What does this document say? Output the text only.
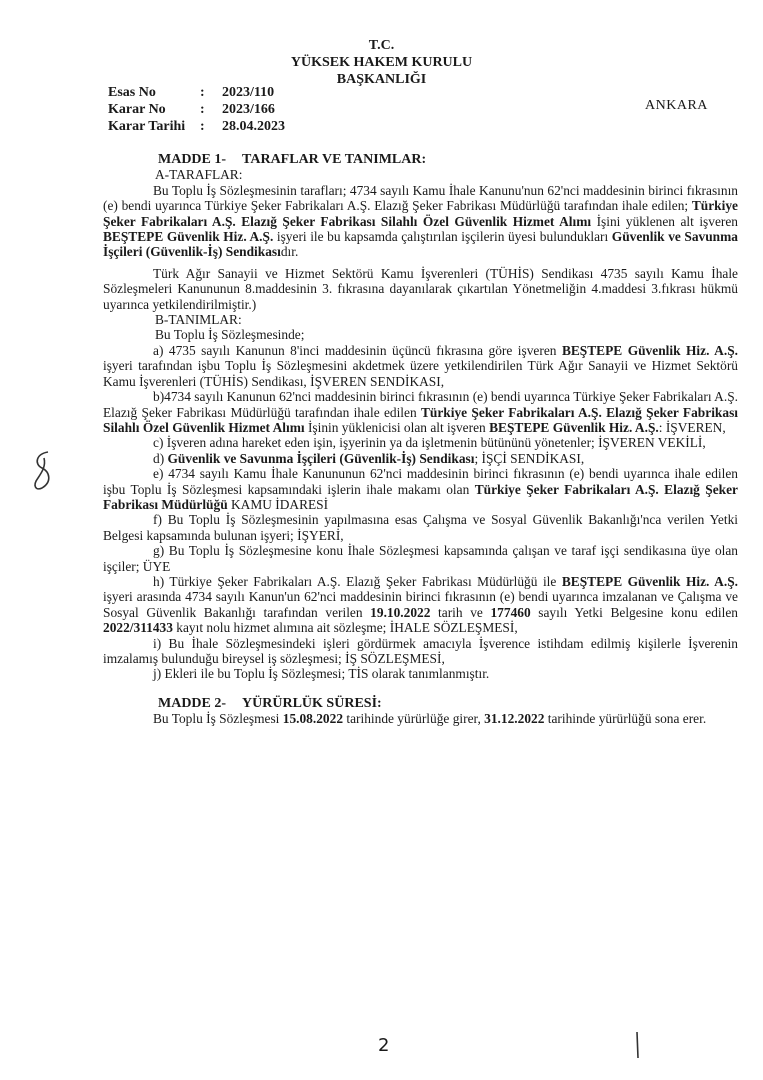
T.C.
YÜKSEK HAKEM KURULU
BAŞKANLIĞI
Esas No	:	2023/110
Karar No	:	2023/166
Karar Tarihi	:	28.04.2023
ANKARA
MADDE 1- TARAFLAR VE TANIMLAR:

A-TARAFLAR:

Bu Toplu İş Sözleşmesinin tarafları; 4734 sayılı Kamu İhale Kanunu'nun 62'nci maddesinin birinci fıkrasının (e) bendi uyarınca Türkiye Şeker Fabrikaları A.Ş. Elazığ Şeker Fabrikası Müdürlüğü tarafından ihale edilen; Türkiye Şeker Fabrikaları A.Ş. Elazığ Şeker Fabrikası Silahlı Özel Güvenlik Hizmet Alımı İşini yüklenen alt işveren BEŞTEPE Güvenlik Hiz. A.Ş. işyeri ile bu kapsamda çalıştırılan işçilerin üyesi bulundukları Güvenlik ve Savunma İşçileri (Güvenlik-İş) Sendikasıdır.

Türk Ağır Sanayii ve Hizmet Sektörü Kamu İşverenleri (TÜHİS) Sendikası 4735 sayılı Kamu İhale Sözleşmeleri Kanununun 8.maddesinin 3. fıkrasına dayanılarak çıkartılan Yönetmeliğin 4.maddesi 3.fıkrası hükmü uyarınca yetkilendirilmiştir.)

B-TANIMLAR:

Bu Toplu İş Sözleşmesinde;

a) 4735 sayılı Kanunun 8'inci maddesinin üçüncü fıkrasına göre işveren BEŞTEPE Güvenlik Hiz. A.Ş. işyeri tarafından işbu Toplu İş Sözleşmesini akdetmek üzere yetkilendirilen Türk Ağır Sanayii ve Hizmet Sektörü Kamu İşverenleri (TÜHİS) Sendikası, İŞVEREN SENDİKASI,

b)4734 sayılı Kanunun 62'nci maddesinin birinci fıkrasının (e) bendi uyarınca Türkiye Şeker Fabrikaları A.Ş. Elazığ Şeker Fabrikası Müdürlüğü tarafından ihale edilen Türkiye Şeker Fabrikaları A.Ş. Elazığ Şeker Fabrikası Silahlı Özel Güvenlik Hizmet Alımı İşinin yüklenicisi olan alt işveren BEŞTEPE Güvenlik Hiz. A.Ş.: İŞVEREN,

c) İşveren adına hareket eden işin, işyerinin ya da işletmenin bütününü yönetenler; İŞVEREN VEKİLİ,

d) Güvenlik ve Savunma İşçileri (Güvenlik-İş) Sendikası; İŞÇİ SENDİKASI,

e) 4734 sayılı Kamu İhale Kanununun 62'nci maddesinin birinci fıkrasının (e) bendi uyarınca ihale edilen işbu Toplu İş Sözleşmesi kapsamındaki işlerin ihale makamı olan Türkiye Şeker Fabrikaları A.Ş. Elazığ Şeker Fabrikası Müdürlüğü KAMU İDARESİ

f) Bu Toplu İş Sözleşmesinin yapılmasına esas Çalışma ve Sosyal Güvenlik Bakanlığı'nca verilen Yetki Belgesi kapsamında bulunan işyeri; İŞYERİ,

g) Bu Toplu İş Sözleşmesine konu İhale Sözleşmesi kapsamında çalışan ve taraf işçi sendikasına üye olan işçiler; ÜYE

h) Türkiye Şeker Fabrikaları A.Ş. Elazığ Şeker Fabrikası Müdürlüğü ile BEŞTEPE Güvenlik Hiz. A.Ş. işyeri arasında 4734 sayılı Kanun'un 62'nci maddesinin birinci fıkrasının (e) bendi uyarınca imzalanan ve Çalışma ve Sosyal Güvenlik Bakanlığı tarafından verilen 19.10.2022 tarih ve 177460 sayılı Yetki Belgesine konu edilen 2022/311433 kayıt nolu hizmet alımına ait sözleşme; İHALE SÖZLEŞMESİ,

i) Bu İhale Sözleşmesindeki işleri gördürmek amacıyla İşverence istihdam edilmiş kişilerle İşverenin imzalamış bulunduğu bireysel iş sözleşmesi; İŞ SÖZLEŞMESİ,

j) Ekleri ile bu Toplu İş Sözleşmesi; TİS olarak tanımlanmıştır.

MADDE 2- YÜRÜRLÜK SÜRESİ:

Bu Toplu İş Sözleşmesi 15.08.2022 tarihinde yürürlüğe girer, 31.12.2022 tarihinde yürürlüğü sona erer.

2
